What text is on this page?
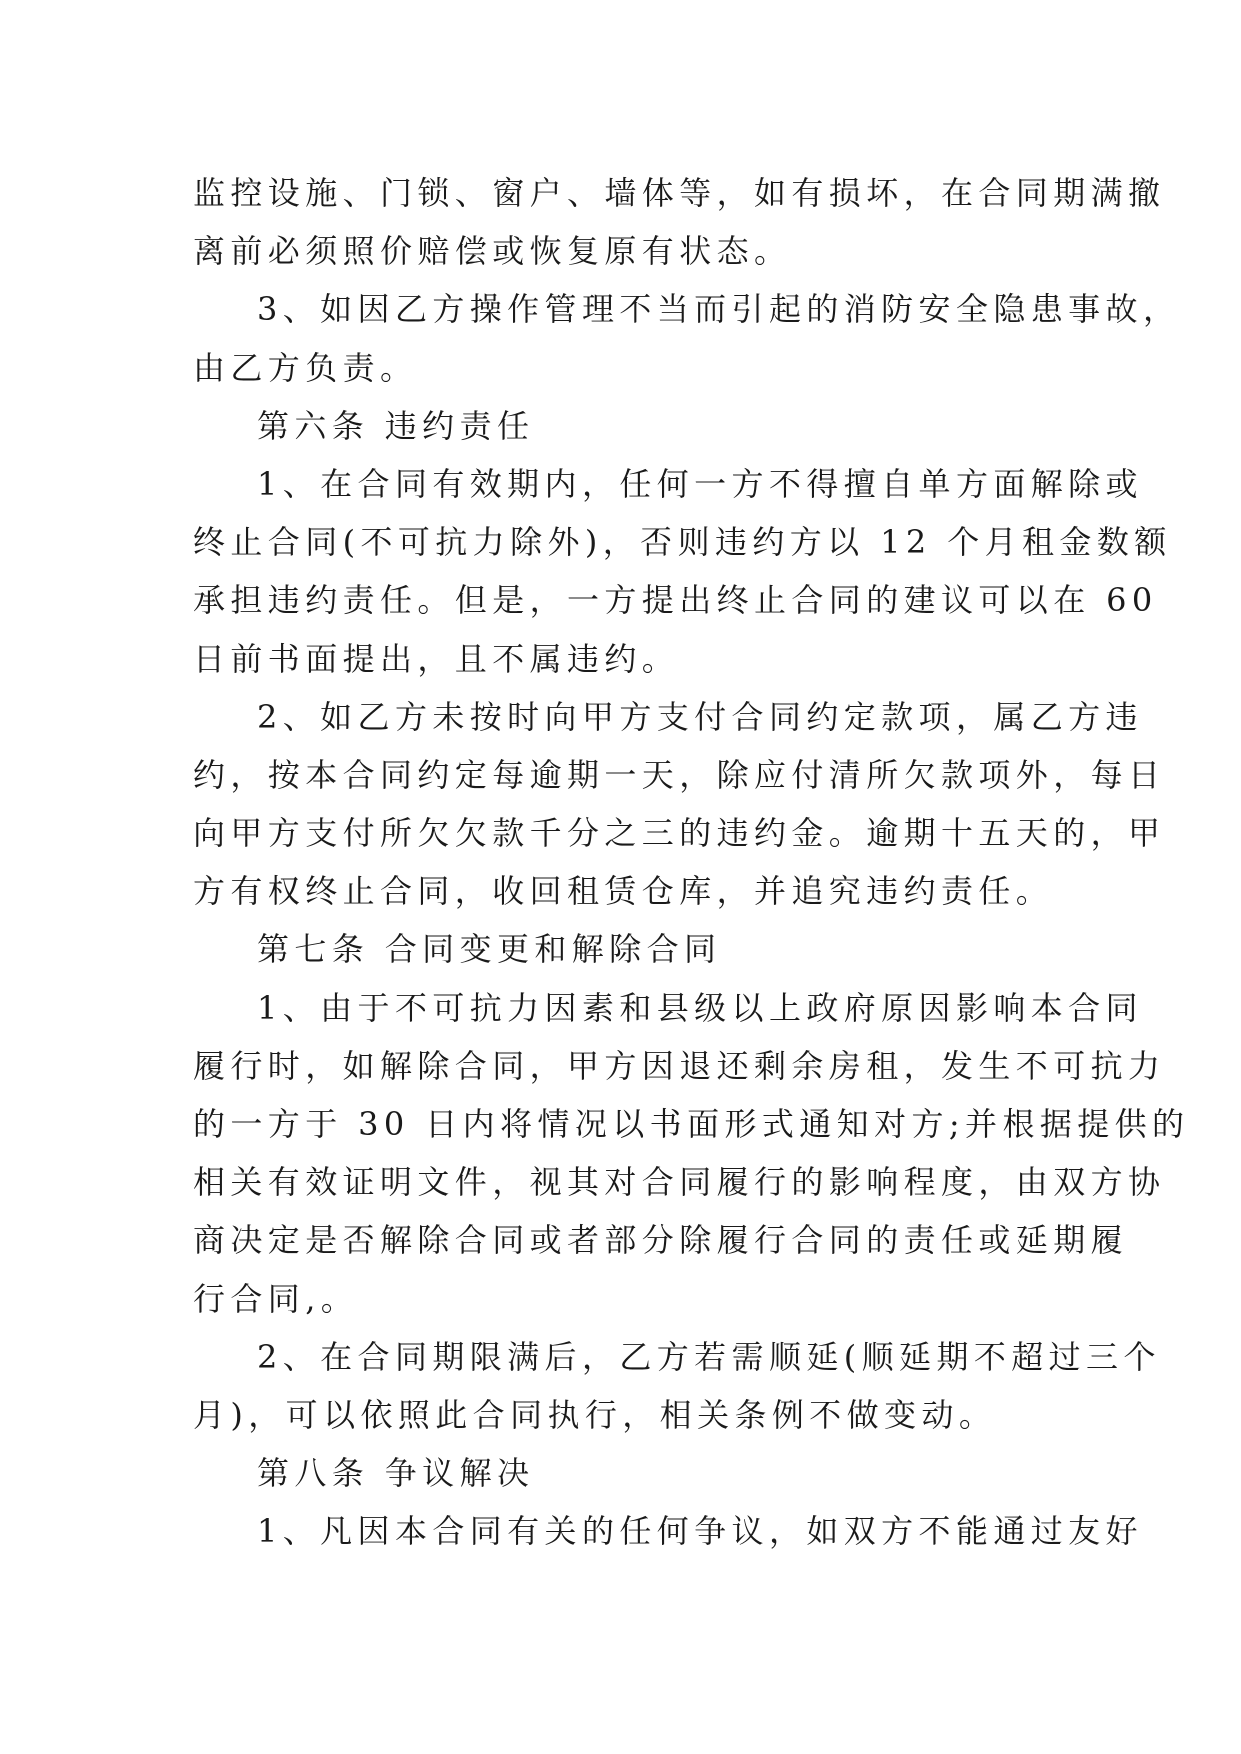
监控设施、门锁、窗户、墙体等，如有损坏，在合同期满撤
离前必须照价赔偿或恢复原有状态。
3、如因乙方操作管理不当而引起的消防安全隐患事故，
由乙方负责。
第六条 违约责任
1、在合同有效期内，任何一方不得擅自单方面解除或
终止合同(不可抗力除外)，否则违约方以 12 个月租金数额
承担违约责任。但是，一方提出终止合同的建议可以在 60
日前书面提出，且不属违约。
2、如乙方未按时向甲方支付合同约定款项，属乙方违
约，按本合同约定每逾期一天，除应付清所欠款项外，每日
向甲方支付所欠欠款千分之三的违约金。逾期十五天的，甲
方有权终止合同，收回租赁仓库，并追究违约责任。
第七条 合同变更和解除合同
1、由于不可抗力因素和县级以上政府原因影响本合同
履行时，如解除合同，甲方因退还剩余房租，发生不可抗力
的一方于 30 日内将情况以书面形式通知对方;并根据提供的
相关有效证明文件，视其对合同履行的影响程度，由双方协
商决定是否解除合同或者部分除履行合同的责任或延期履
行合同,。
2、在合同期限满后，乙方若需顺延(顺延期不超过三个
月)，可以依照此合同执行，相关条例不做变动。
第八条 争议解决
1、凡因本合同有关的任何争议，如双方不能通过友好
